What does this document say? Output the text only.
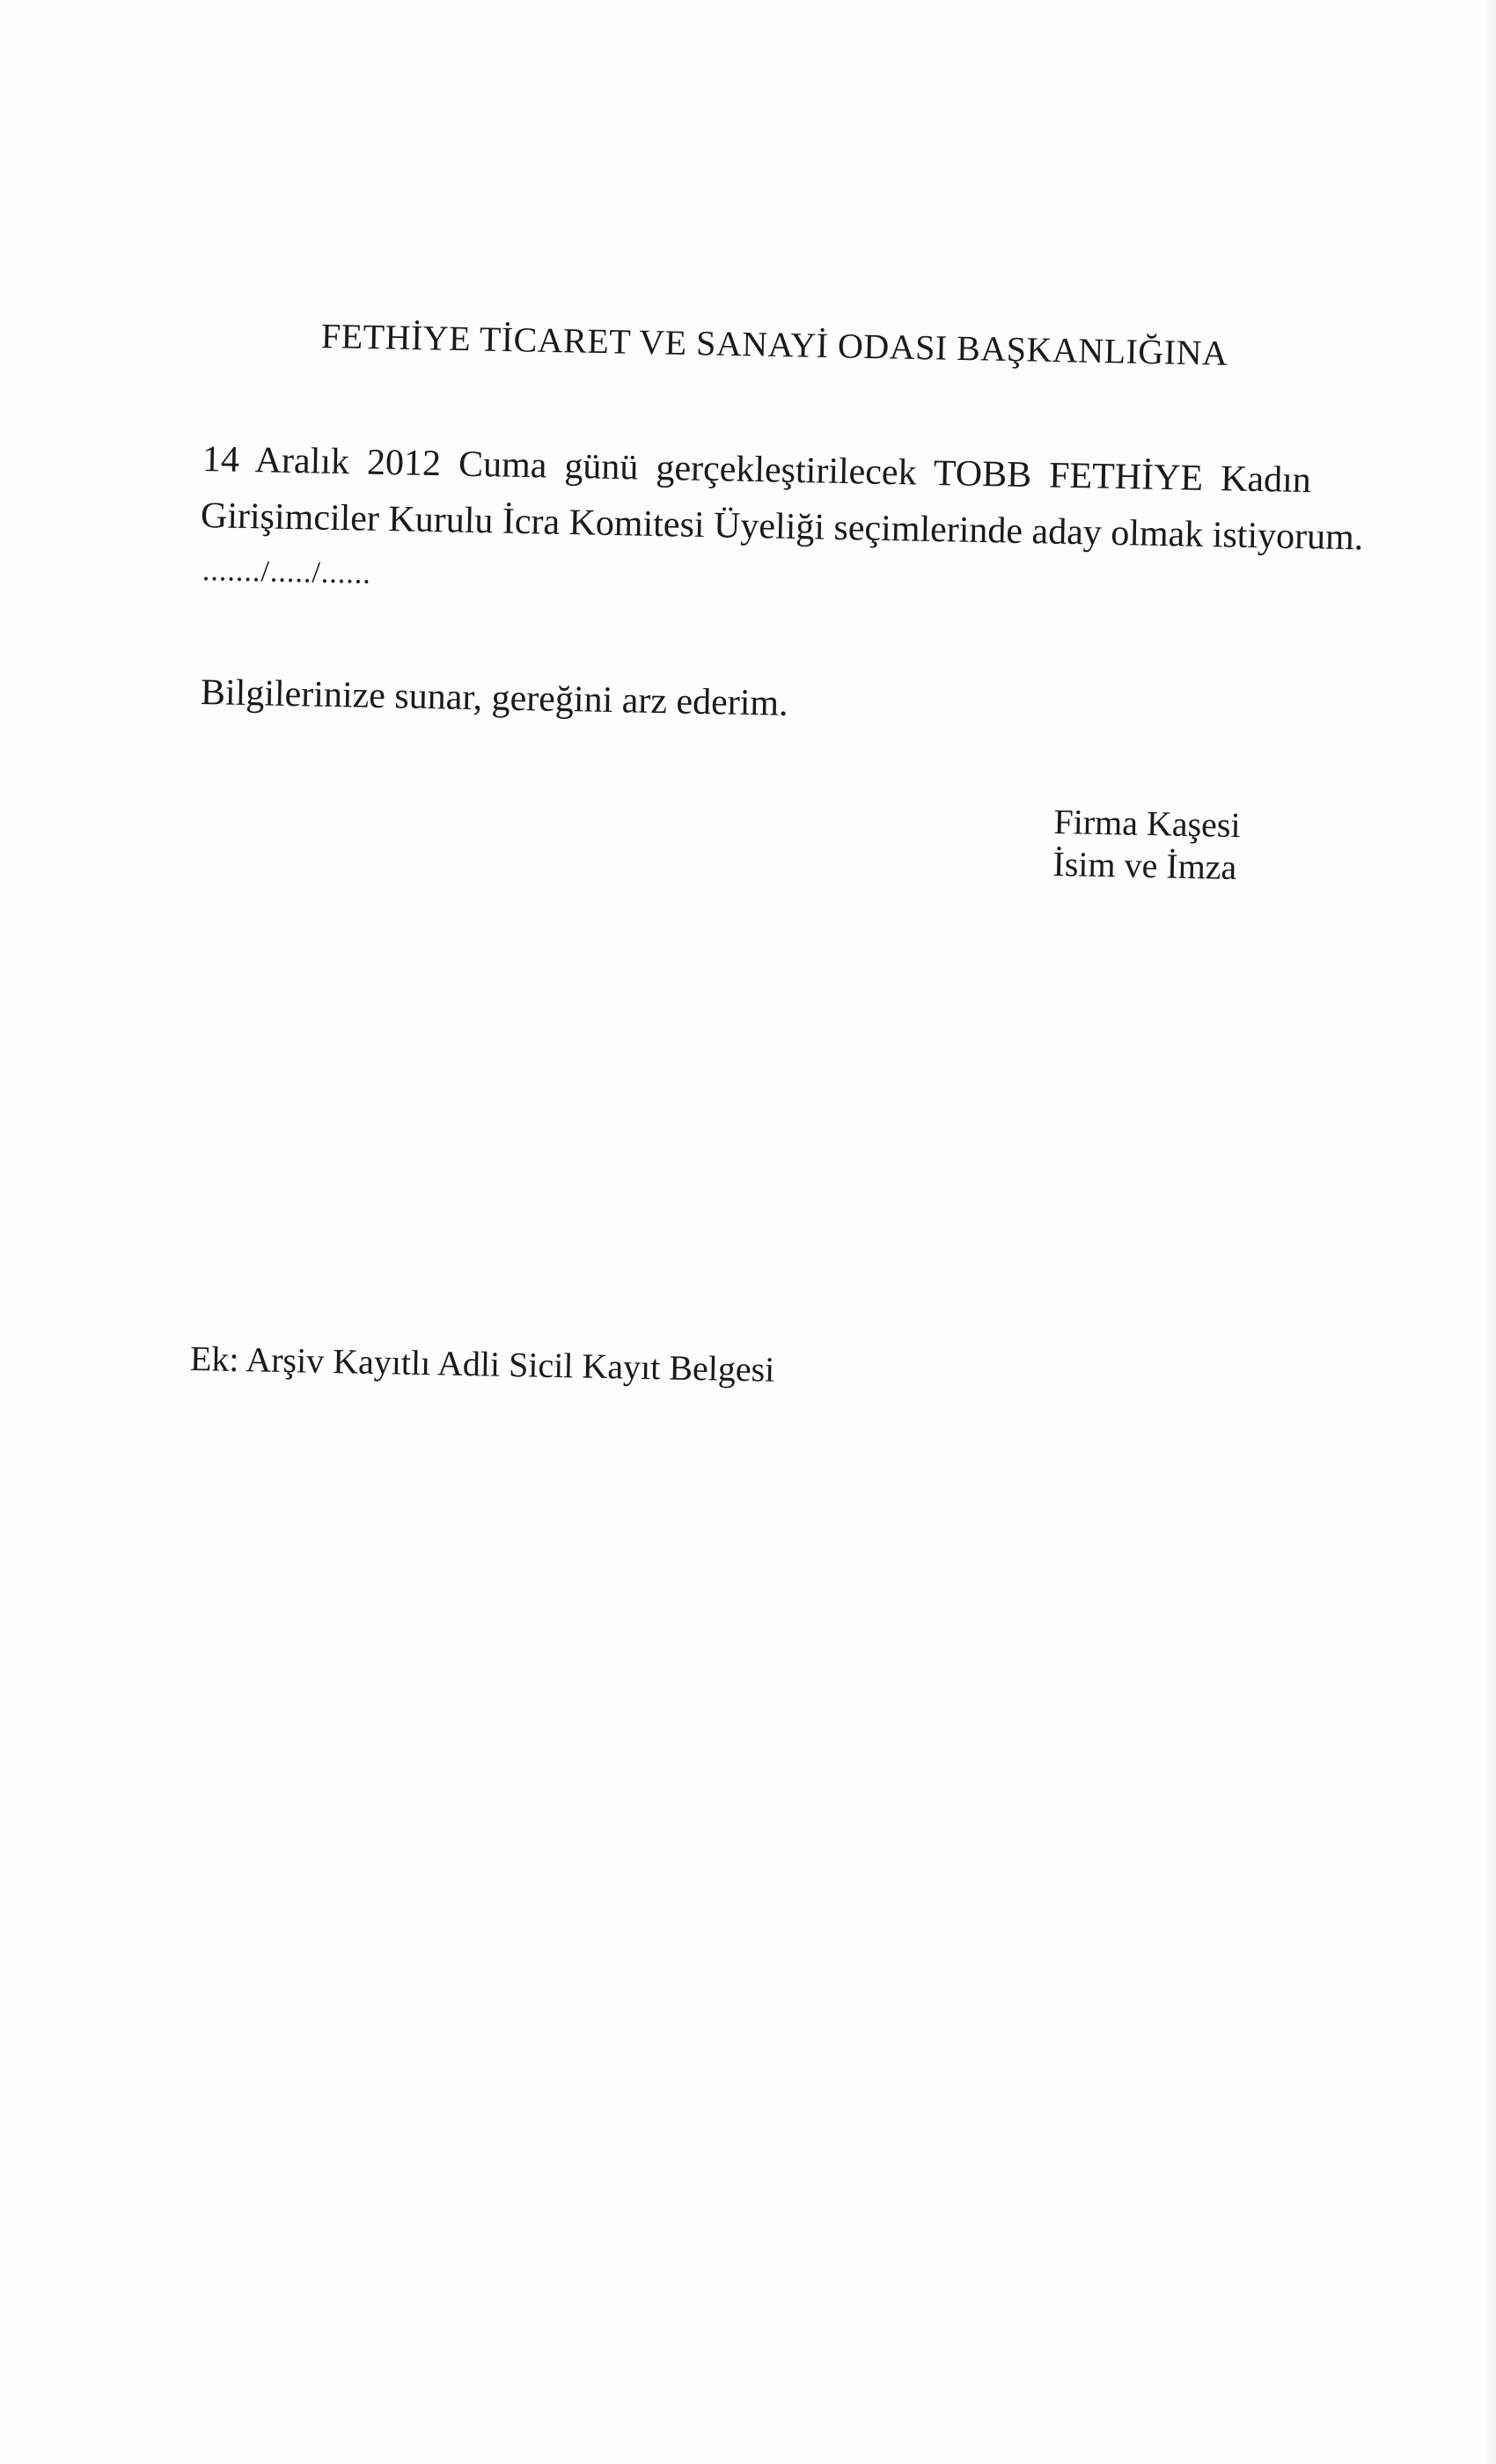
FETHİYE TİCARET VE SANAYİ ODASI BAŞKANLIĞINA
14 Aralık 2012 Cuma günü gerçekleştirilecek TOBB FETHİYE Kadın
Girişimciler Kurulu İcra Komitesi Üyeliği seçimlerinde aday olmak istiyorum.
......./...../......
Bilgilerinize sunar, gereğini arz ederim.
Firma Kaşesi
İsim ve İmza
Ek: Arşiv Kayıtlı Adli Sicil Kayıt Belgesi
